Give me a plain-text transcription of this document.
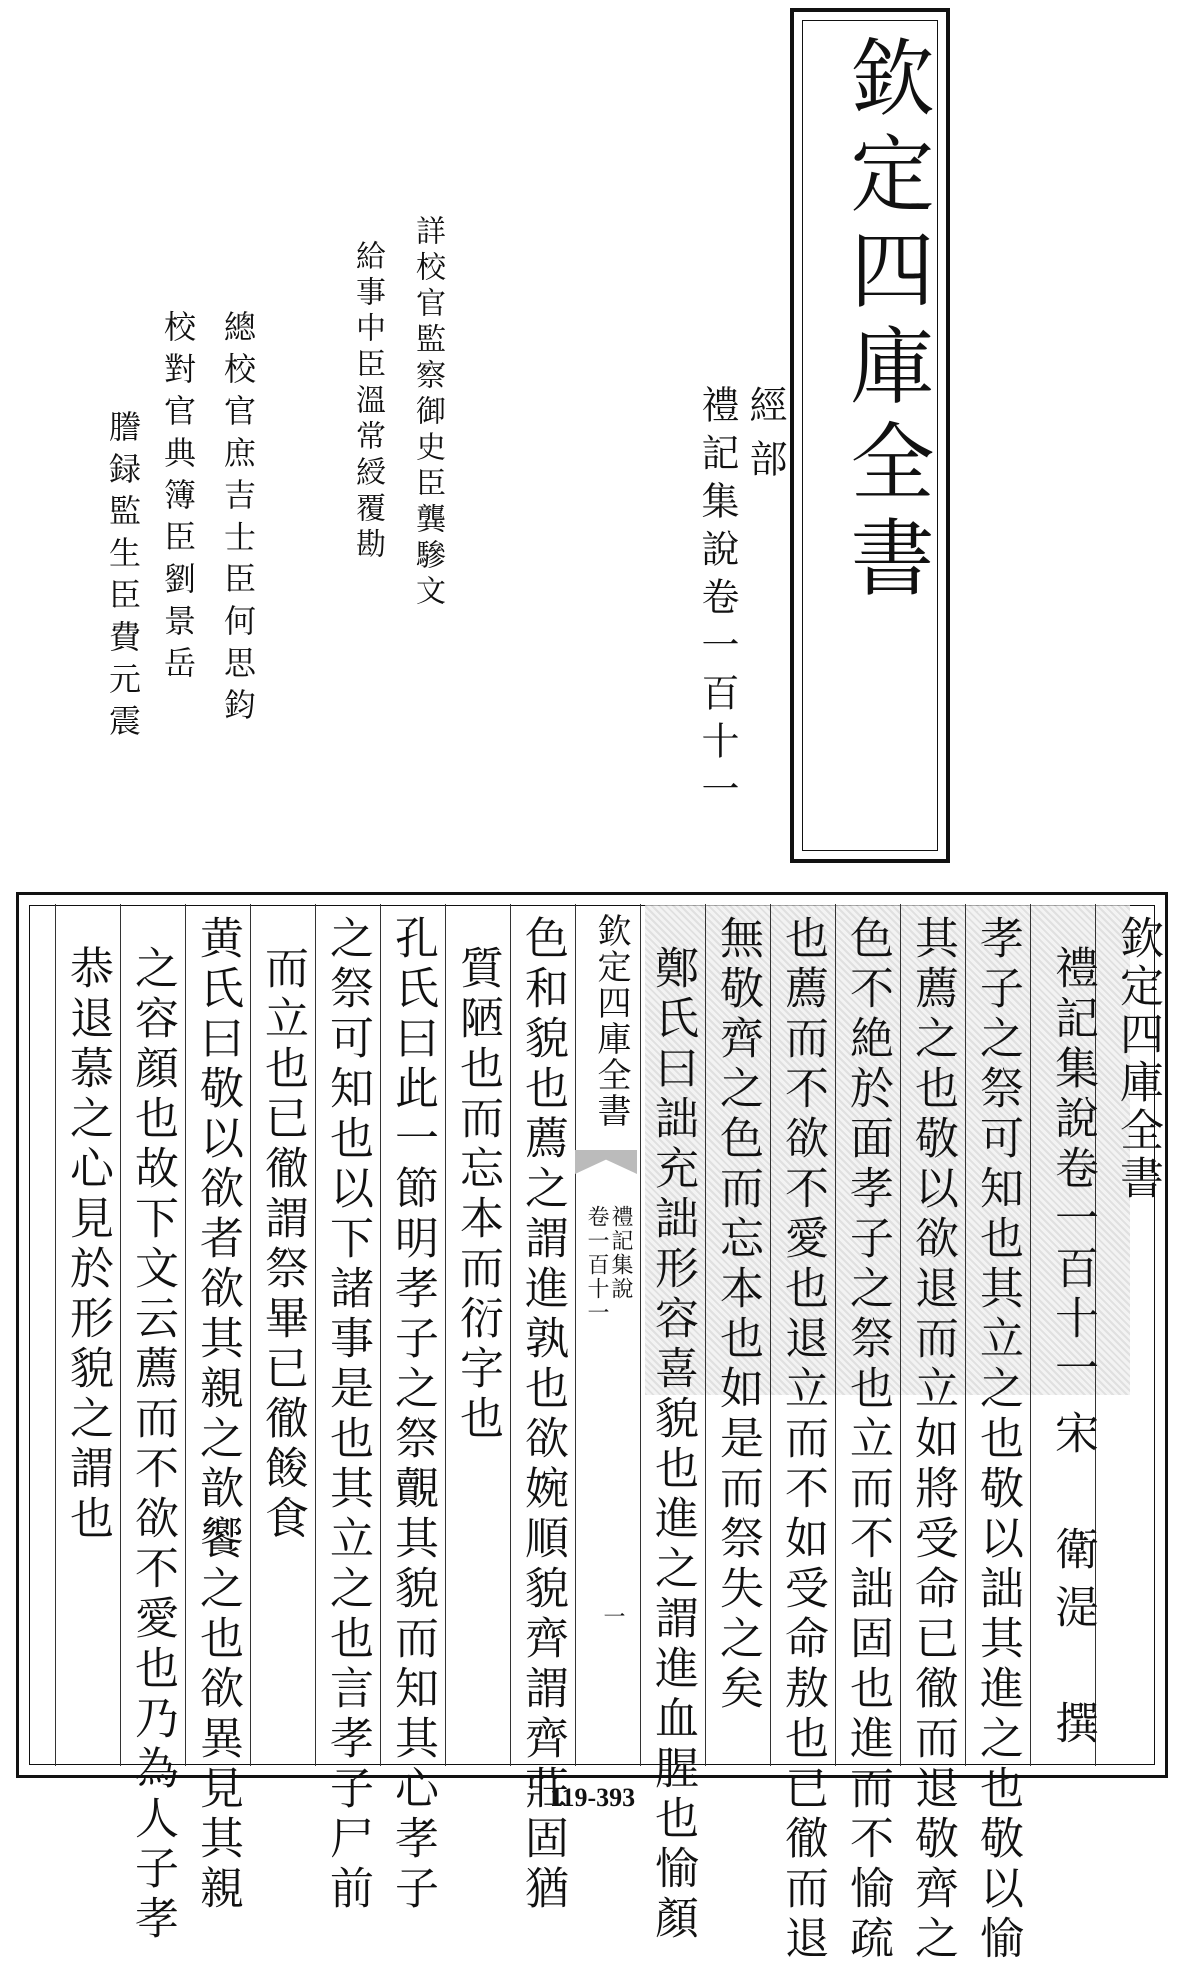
欽定四庫全書
經部
禮記集說卷一百十一
詳校官監察御史臣龔驂文
給事中臣溫常綬覆勘
總校官庶吉士臣何思鈞
校對官典簿臣劉景岳
謄録監生臣費元震
欽定四庫全書
禮記集說卷一百十一
宋　衛湜　撰
孝子之祭可知也其立之也敬以詘其進之也敬以愉
其薦之也敬以欲退而立如將受命已徹而退敬齊之
色不絶於面孝子之祭也立而不詘固也進而不愉疏
也薦而不欲不愛也退立而不如受命敖也已徹而退
無敬齊之色而忘本也如是而祭失之矣
鄭氏曰詘充詘形容喜貌也進之謂進血腥也愉顏
欽定四庫全書
禮記集說
卷一百十一
一
色和貌也薦之謂進孰也欲婉順貌齊謂齊莊固猶
質陋也而忘本而衍字也
孔氏曰此一節明孝子之祭覿其貌而知其心孝子
之祭可知也以下諸事是也其立之也言孝子尸前
而立也已徹謂祭畢已徹餕食
黄氏曰敬以欲者欲其親之歆饗之也欲異見其親
之容顔也故下文云薦而不欲不愛也乃為人子孝
恭退慕之心見於形貌之謂也
119-393
